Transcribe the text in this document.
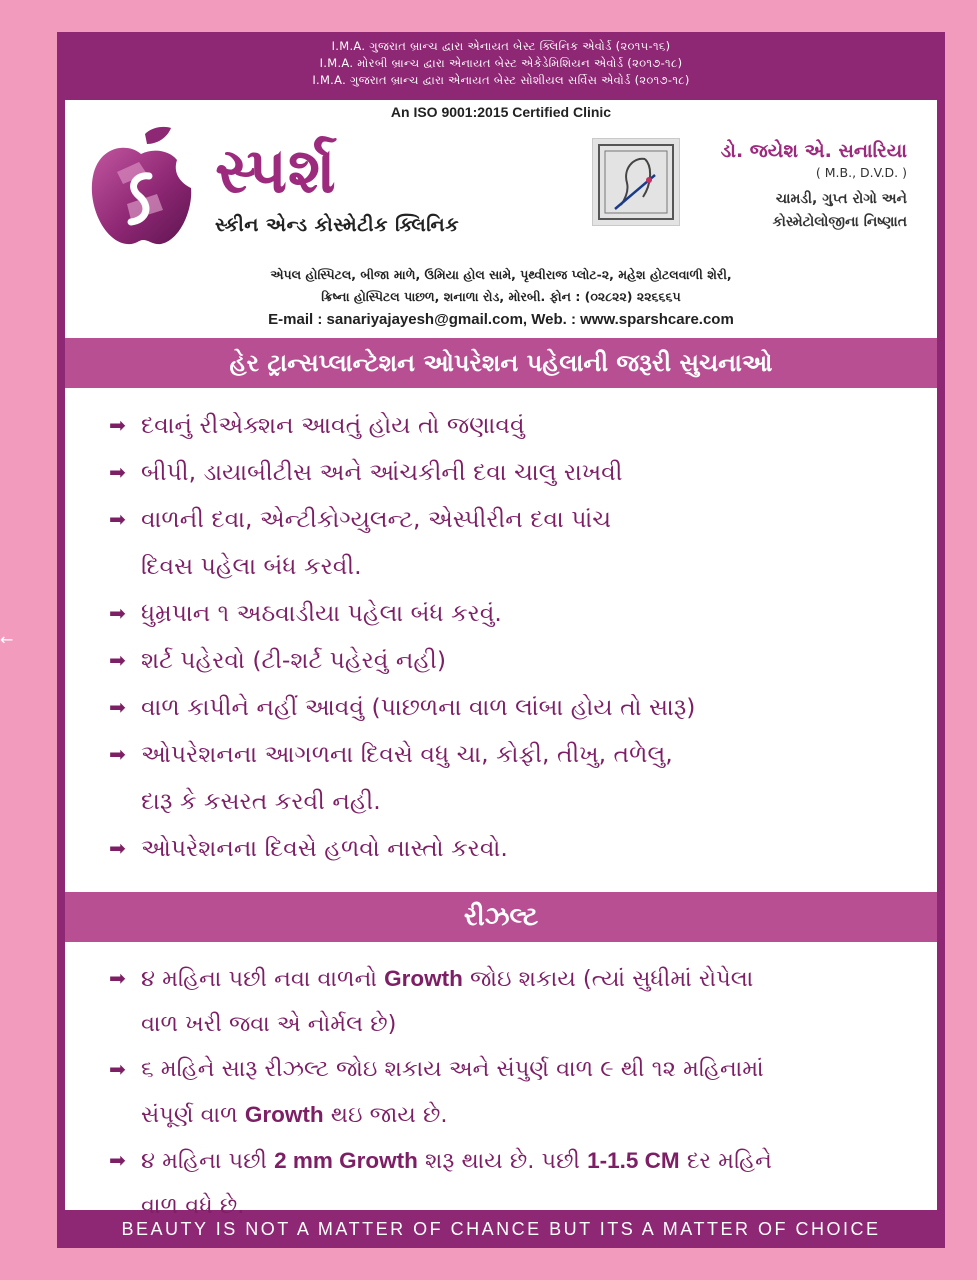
←
I.M.A. ગુજરાત બ્રાન્ચ દ્વારા એનાયત બેસ્ટ ક્લિનિક એવોર્ડ (૨૦૧૫-૧૬)
I.M.A. મોરબી બ્રાન્ચ દ્વારા એનાયત બેસ્ટ એકેડેમિશિયન એવોર્ડ (૨૦૧૭-૧૮)
I.M.A. ગુજરાત બ્રાન્ચ દ્વારા એનાયત બેસ્ટ સોશીયલ સર્વિસ એવોર્ડ (૨૦૧૭-૧૮)
An ISO 9001:2015 Certified Clinic
સ્પર્શ
સ્કીન એન્ડ કોસ્મેટીક ક્લિનિક
ડો. જયેશ એ. સનારિયા
( M.B., D.V.D. )
ચામડી, ગુપ્ત રોગો અને
કોસ્મેટોલોજીના નિષ્ણાત
એપલ હોસ્પિટલ, બીજા માળે, ઉમિયા હોલ સામે, પૃથ્વીરાજ પ્લોટ-૨, મહેશ હોટલવાળી શેરી,
ક્રિષ્ના હોસ્પિટલ પાછળ, શનાળા રોડ, મોરબી. ફોન : (૦૨૮૨૨) ૨૨૬૬૬૫
E-mail : sanariyajayesh@gmail.com, Web. : www.sparshcare.com
હેર ટ્રાન્સપ્લાન્ટેશન ઓપરેશન પહેલાની જરૂરી સુચનાઓ
➡ દવાનું રીએક્શન આવતું હોય તો જણાવવું
➡ બીપી, ડાયાબીટીસ અને આંચકીની દવા ચાલુ રાખવી
➡ વાળની દવા, એન્ટીકોગ્યુલન્ટ, એસ્પીરીન દવા પાંચ
દિવસ પહેલા બંધ કરવી.
➡ ધુમ્રપાન ૧ અઠવાડીયા પહેલા બંધ કરવું.
➡ શર્ટ પહેરવો (ટી-શર્ટ પહેરવું નહી)
➡ વાળ કાપીને નહીં આવવું (પાછળના વાળ લાંબા હોય તો સારૂ)
➡ ઓપરેશનના આગળના દિવસે વધુ ચા, કોફી, તીખુ, તળેલુ,
દારૂ કે કસરત કરવી નહી.
➡ ઓપરેશનના દિવસે હળવો નાસ્તો કરવો.
રીઝલ્ટ
➡ ૪ મહિના પછી નવા વાળનો Growth જોઇ શકાય (ત્યાં સુધીમાં રોપેલા
વાળ ખરી જવા એ નોર્મલ છે)
➡ ૬ મહિને સારૂ રીઝલ્ટ જોઇ શકાય અને સંપુર્ણ વાળ ૯ થી ૧૨ મહિનામાં
સંપૂર્ણ વાળ Growth થઇ જાય છે.
➡ ૪ મહિના પછી 2 mm Growth શરૂ થાય છે. પછી 1-1.5 CM દર મહિને
વાળ વધે છે.
BEAUTY IS NOT A MATTER OF CHANCE BUT ITS A MATTER OF CHOICE
